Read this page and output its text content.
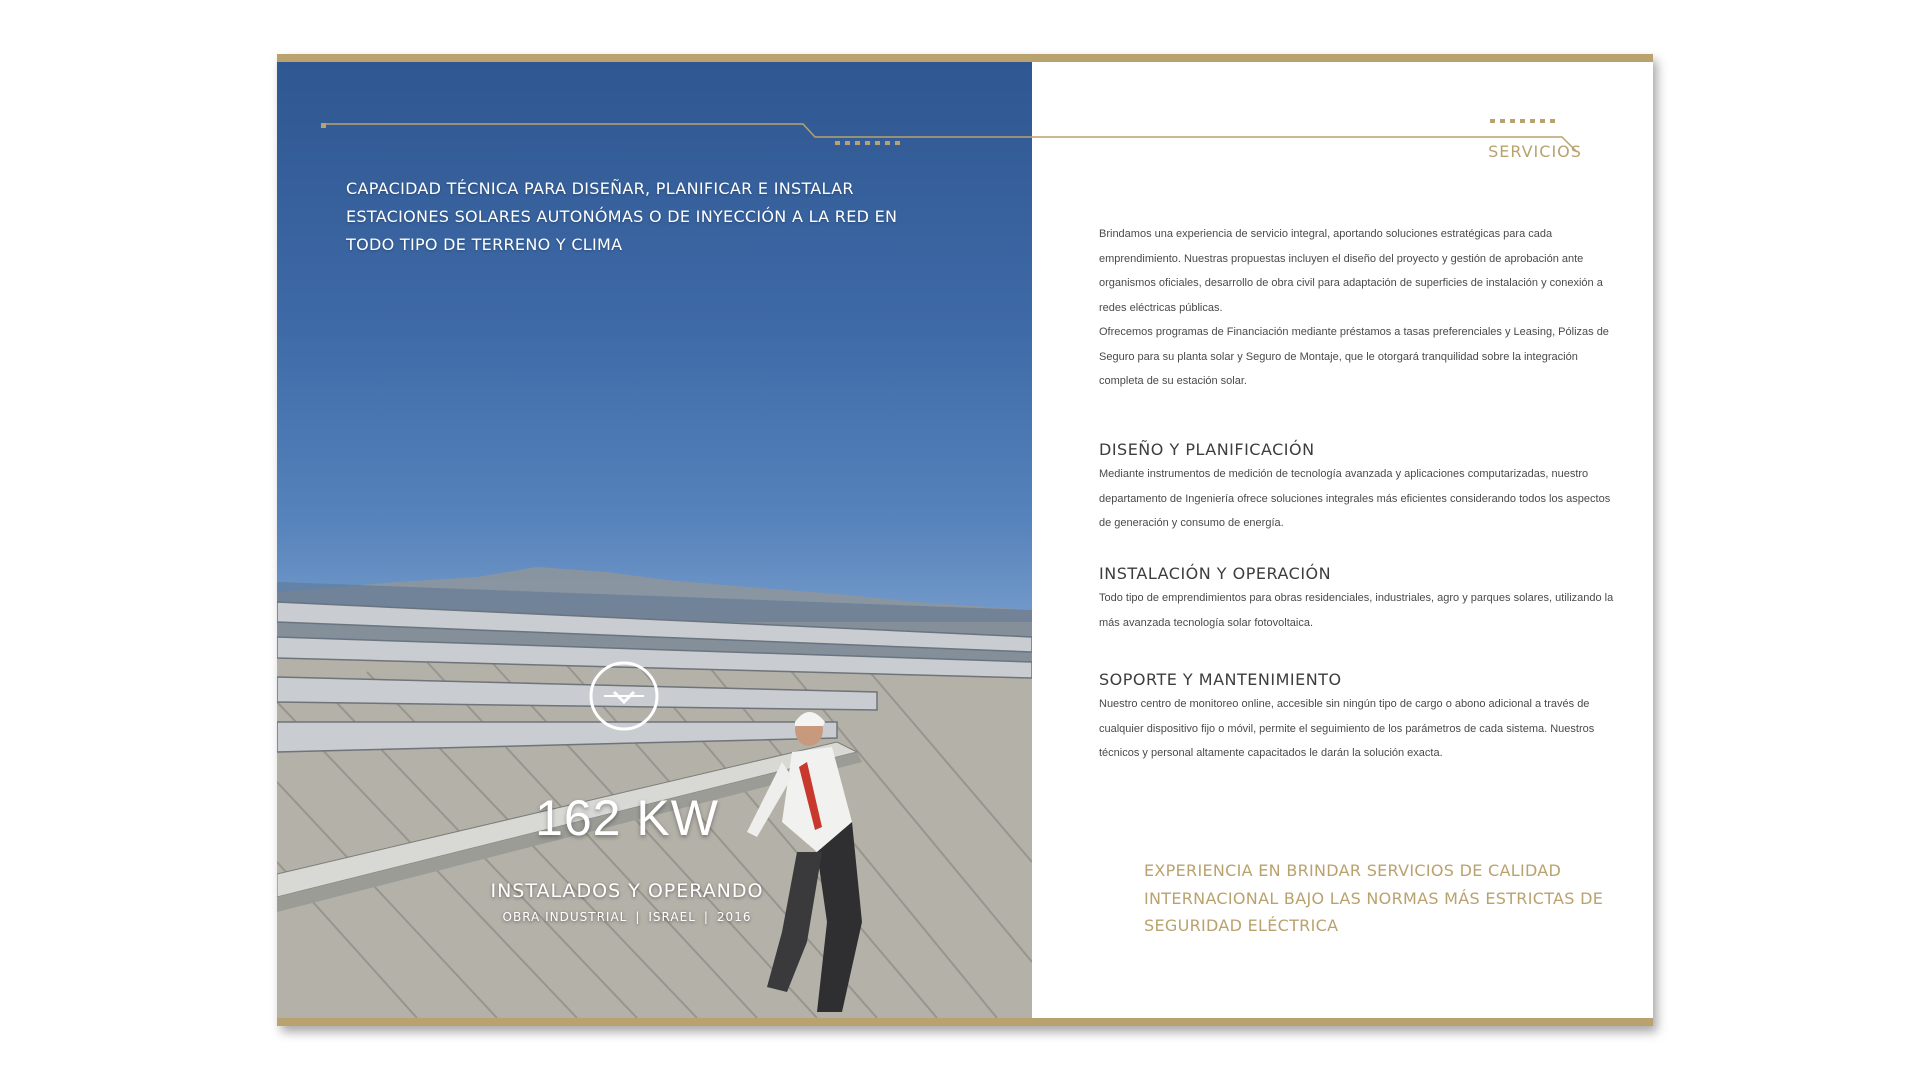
CAPACIDAD TÉCNICA PARA DISEÑAR, PLANIFICAR E INSTALAR ESTACIONES SOLARES AUTONÓMAS O DE INYECCIÓN A LA RED EN TODO TIPO DE TERRENO Y CLIMA
162 KW
INSTALADOS Y OPERANDO
OBRA INDUSTRIAL | ISRAEL | 2016
SERVICIOS
Brindamos una experiencia de servicio integral, aportando soluciones estratégicas para cada emprendimiento. Nuestras propuestas incluyen el diseño del proyecto y gestión de aprobación ante organismos oficiales, desarrollo de obra civil para adaptación de superficies de instalación y conexión a redes eléctricas públicas.
Ofrecemos programas de Financiación mediante préstamos a tasas preferenciales y Leasing, Pólizas de Seguro para su planta solar y Seguro de Montaje, que le otorgará tranquilidad sobre la integración completa de su estación solar.
DISEÑO Y PLANIFICACIÓN
Mediante instrumentos de medición de tecnología avanzada y aplicaciones computarizadas, nuestro departamento de Ingeniería ofrece soluciones integrales más eficientes considerando todos los aspectos de generación y consumo de energía.
INSTALACIÓN Y OPERACIÓN
Todo tipo de emprendimientos para obras residenciales, industriales, agro y parques solares, utilizando la más avanzada tecnología solar fotovoltaica.
SOPORTE Y MANTENIMIENTO
Nuestro centro de monitoreo online, accesible sin ningún tipo de cargo o abono adicional a través de cualquier dispositivo fijo o móvil, permite el seguimiento de los parámetros de cada sistema. Nuestros técnicos y personal altamente capacitados le darán la solución exacta.
EXPERIENCIA EN BRINDAR SERVICIOS DE CALIDAD INTERNACIONAL BAJO LAS NORMAS MÁS ESTRICTAS DE SEGURIDAD ELÉCTRICA
